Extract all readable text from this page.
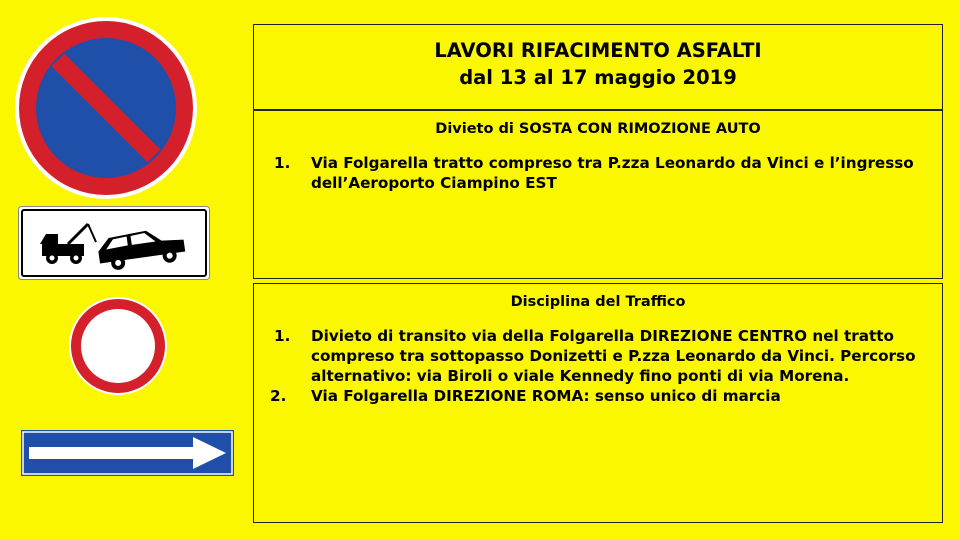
LAVORI RIFACIMENTO ASFALTI
dal 13 al 17 maggio 2019
Divieto di SOSTA CON RIMOZIONE AUTO
1. Via Folgarella tratto compreso tra P.zza Leonardo da Vinci e l’ingresso dell’Aeroporto Ciampino EST
Disciplina del Traffico
1. Divieto di transito via della Folgarella DIREZIONE CENTRO nel tratto compreso tra sottopasso Donizetti e P.zza Leonardo da Vinci. Percorso alternativo: via Biroli o viale Kennedy fino ponti di via Morena.
2. Via Folgarella DIREZIONE ROMA: senso unico di marcia
